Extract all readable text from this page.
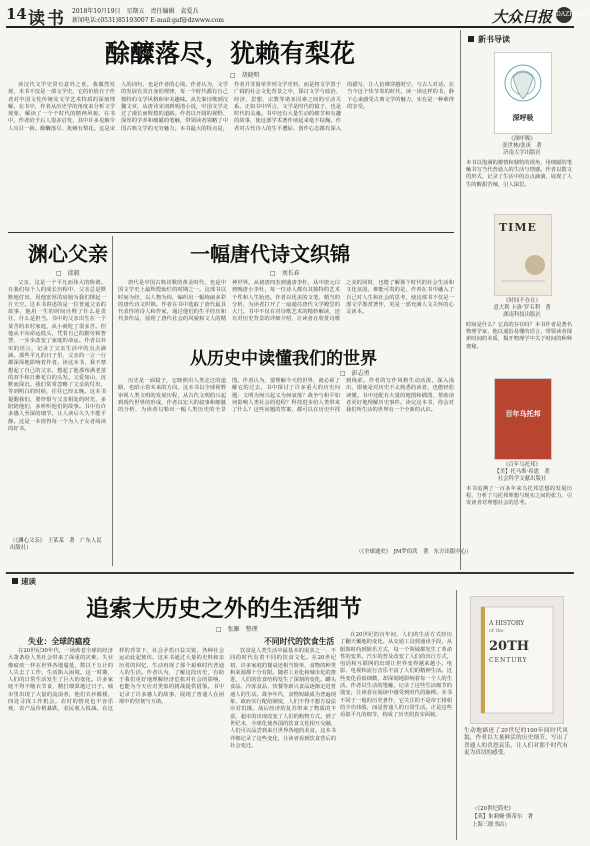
14 读书 2018年10月19日　星期五　责任编辑　袁爱兵
新闻电话:(0531)85193007 E-mail:gaf@dzwww.com	大众日报 DAZHONG
酴醾落尽，犹赖有梨花
□　胡晓明

读汉代文学史常有意外之喜。我偶然发现，本书不仅是一部文学史，它的价值在于作者对中国文化传统及文学艺术特质的深刻理解。在书中，作者从历史学的角度来分析文学现象，解读了一个个时代的精神风貌。在书中，作者给予后人很多启发，其中许多见解令人耳目一新。酴醾落尽，犹赖有梨花。这是宋人的词句，也是作者的心境。作者认为，文学的发展有其自身的规律，每一个时代都有自己独特的文学风格和审美趣味。从先秦诗歌到汉魏文章，从唐诗宋词到明清小说，中国文学走过了漫长而辉煌的道路。作者以开阔的视野、深厚的学养和细腻的笔触，带领读者领略了中国古典文学的无穷魅力。本书最大的特点是，作者并非简单罗列文学史料，而是将文学置于广阔的社会文化背景之中，探讨文学与政治、经济、思想、宗教等诸多因素之间的互动关系。正如书中所言，文学是时代的镜子，也是时代的灵魂。书中还有大量生动的细节和有趣的故事，使这部学术著作读起来毫不枯燥。作者对古代诗人的生平遭际、创作心态都有深入的描写，让人仿佛穿越时空，与古人对话。在当今这个快节奏的时代，读一读这样的书，静下心来感受古典文学的魅力，实在是一种难得的享受。

渊心父亲
□　邱毅

父亲，这是一个平凡而伟大的称谓。在我们每个人的成长历程中，父亲总是默默地付出，用他宽厚的肩膀为我们撑起一片天空。这本书讲述的是一位普通父亲的故事，他用一生的时间诠释了什么是责任，什么是担当。书中的父亲出生在一个贫苦的农村家庭，从小就吃了很多苦。但他从不向命运低头，凭着自己的勤劳和智慧，一步步改变了家庭的命运。作者以朴实的语言，记录了父亲生活中的点点滴滴。那些平凡的日子里，父亲的一言一行都深深地影响着作者。读这本书，我不禁想起了自己的父亲，想起了他那布满老茧的双手和日渐花白的头发。父爱如山，沉默而深沉。我们常常忽略了父亲的付出，等到明白的时候，往往已经太晚。这本书提醒我们，要珍惜与父亲相处的时光，多陪陪他们，多听听他们的故事。书中有许多感人至深的细节，让人读后久久不能平静。这是一本值得每一个为人子女者阅读的好书。

（《渊心父亲》　王某某　著　广东人民出版社）
一幅唐代诗文织锦
□　刘长春

唐代是中国古典诗歌的黄金时代，也是中国文学史上最辉煌灿烂的时期之一。这部书以时间为经，以人物为纬，编织出一幅绚丽多彩的唐代诗文织锦。作者在书中选取了唐代最具代表性的诗人和作家，通过他们的生平经历和代表作品，展现了唐代社会的风貌和文人的精神世界。从初唐四杰到盛唐李杜，从中唐元白到晚唐小李杜，每一位诗人都有其独特的艺术个性和人生轨迹。作者以优美的文笔、精当的分析，为读者打开了一扇通往唐代文学殿堂的大门。书中不仅有对诗歌艺术的精妙解读，还有对历史背景的详细介绍，让读者在欣赏诗歌之美的同时，也能了解那个时代的社会生活和文化氛围。难能可贵的是，作者在书中融入了自己对人生和社会的思考，使这部书不仅是一部文学鉴赏著作，更是一部充满人文关怀的心灵读本。

从历史中读懂我们的世界
□　彭志勇

历史是一面镜子，它映照出人类走过的道路，也昭示着未来的方向。这本书以全球视野审视人类文明的发展历程，从古代文明的兴起到现代世界的形成，作者以宏大的叙事和细腻的分析，为读者勾勒出一幅人类历史的全景图。作者认为，要理解今天的世界，就必须了解它的过去。书中探讨了许多重大的历史问题：文明为何兴起又为何衰落？战争与和平如何影响人类社会的进程？科技进步给人类带来了什么？这些问题的答案，都可以在历史中找到线索。作者的写作风格生动活泼，深入浅出，即使是对历史不太熟悉的读者，也能轻松读懂。书中还配有大量的地图和插图，帮助读者更好地理解历史事件。读完这本书，你会对我们所生活的世界有一个全新的认识。

（《全球通史》　JM罗伯茨　著　东方出版中心）
新书导读
深呼吸
《深呼吸》
张世林/张庚　著
济南大学出版社
本书以饱满的激情和独特的视角，用细腻的笔触书写当代普通人的生活与情感。作者以散文的形式，记录了生活中的点点滴滴，展现了人生的酸甜苦辣，引人深思。
TIME
《时间不存在》
意大利 卡洛·罗韦利　著
湖南科技出版社
时间是什么？它真的存在吗？本书作者是著名物理学家，他以通俗易懂的语言，带领读者探索时间的本质，揭开物理学中关于时间的种种奥秘。
百年乌托邦
《百年乌托邦》
【美】托马斯·希恩　著
社会科学文献出版社
本书追溯了一百多年来乌托邦思想的发展历程，分析了乌托邦理想与现实之间的张力，引发读者对理想社会的思考。
速读
追索大历史之外的生活细节
□　张雁　整理
失业：全球的瘟疫

在20世纪30年代，一场席卷全球的经济大萧条给人类社会带来了深重的灾难。失业像瘟疫一样在世界各地蔓延，数以千万计的人失去了工作，生活陷入困境。这一时期，人们的日常生活发生了巨大的变化。许多家庭不得不缩衣节食，精打细算地过日子。城市里出现了大量的流浪者，他们衣衫褴褛，四处寻找工作机会。农村的情况也不容乐观，农产品价格暴跌，农民收入锐减。在这样的背景下，社会矛盾日益尖锐，各种社会运动此起彼伏。这本书通过大量的史料和亲历者的回忆，生动再现了那个艰难时代普通人的生活。作者认为，了解这段历史，有助于我们更好地理解经济危机对社会的影响，也能为今天应对类似的挑战提供借鉴。书中记录了许多感人的故事，展现了普通人在困境中的坚韧与互助。

不同时代的饮食生活

饮食是人类生活中最基本的需求之一，不同的时代有着不同的饮食文化。在20世纪初，许多家庭的餐桌还相当简单，食物的种类和来源都十分有限。随着工业化和城市化的推进，人们的饮食结构发生了深刻的变化。罐头食品、冷冻食品、快餐等新兴食品逐渐走进普通人的生活。战争年代，食物短缺成为普遍现象，政府实行配给制度，人们不得不想方设法应对饥饿。战后经济的复苏带来了物质的丰富，超市的出现改变了人们的购物方式。到了世纪末，全球化使各国的饮食文化相互交融，人们可以品尝到来自世界各地的美食。这本书详细记录了这些变化，让读者看到饮食背后的社会变迁。

在20世纪的百年间，人们的生活方式经历了翻天覆地的变化。从交通工具到通讯手段，从服饰时尚到娱乐方式，每一个领域都发生了革命性的变革。汽车的普及改变了人们的出行方式，电话和互联网的出现让世界变得越来越小。电影、电视和流行音乐丰富了人们的精神生活。这些变化看似细微，却深刻地影响着每一个人的生活。作者以生动的笔触，记录了这些生活细节的演变，让读者在阅读中感受到时代的脉搏。本书不同于一般的历史著作，它关注的不是帝王将相的丰功伟绩，而是普通人的日常生活。正是这些看似平凡的细节，构成了历史的真实面貌。

A HISTORY
of the
20TH
CENTURY
生动地描述了20世纪的100年间时代风貌，作者以大量鲜活的历史细节，写出了普通人的喜怒哀乐，让人们对那个时代有更为真切的感受。
（《20世纪简史》
【英】朱莉娅·斯蒂尔　著
上海三联书店）
